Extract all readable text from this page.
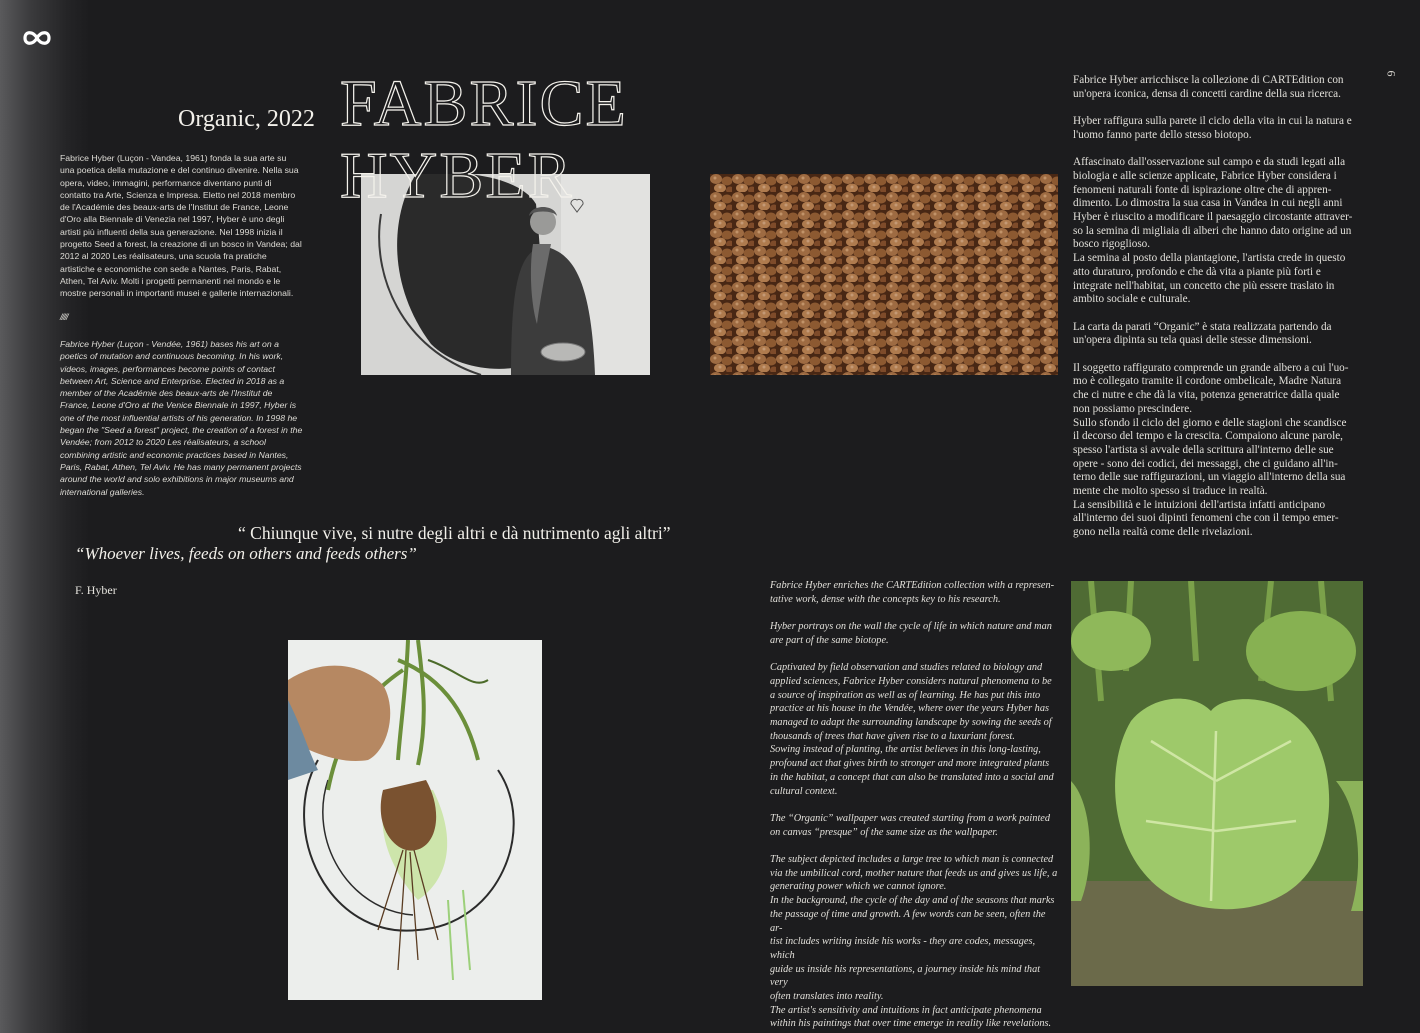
6
Organic, 2022 FABRICE
HYBER

Fabrice Hyber (Luçon - Vandea, 1961) fonda la sua arte su una poetica della mutazione e del continuo divenire. Nella sua opera, video, immagini, performance diventano punti di contatto tra Arte, Scienza e Impresa. Eletto nel 2018 membro de l'Académie des beaux-arts de l'Institut de France, Leone d'Oro alla Biennale di Venezia nel 1997, Hyber è uno degli artisti più influenti della sua generazione. Nel 1998 inizia il progetto Seed a forest, la creazione di un bosco in Vandea; dal 2012 al 2020 Les réalisateurs, una scuola fra pratiche artistiche e economiche con sede a Nantes, Paris, Rabat, Athen, Tel Aviv. Molti i progetti permanenti nel mondo e le mostre personali in importanti musei e gallerie internazionali.

/////

Fabrice Hyber (Luçon - Vendée, 1961) bases his art on a poetics of mutation and continuous becoming. In his work, videos, images, performances become points of contact between Art, Science and Enterprise. Elected in 2018 as a member of the Académie des beaux-arts de l'Institut de France, Leone d'Oro at the Venice Biennale in 1997, Hyber is one of the most influential artists of his generation. In 1998 he began the "Seed a forest" project, the creation of a forest in the Vendée; from 2012 to 2020 Les réalisateurs, a school combining artistic and economic practices based in Nantes, Paris, Rabat, Athen, Tel Aviv. He has many permanent projects around the world and solo exhibitions in major museums and international galleries.

“ Chiunque vive, si nutre degli altri e dà nutrimento agli altri”
“Whoever lives, feeds on others and feeds others”
F. Hyber

Fabrice Hyber arricchisce la collezione di CARTEdition con
un'opera iconica, densa di concetti cardine della sua ricerca.

Hyber raffigura sulla parete il ciclo della vita in cui la natura e
l'uomo fanno parte dello stesso biotopo.

Affascinato dall'osservazione sul campo e da studi legati alla
biologia e alle scienze applicate, Fabrice Hyber considera i
fenomeni naturali fonte di ispirazione oltre che di appren-
dimento. Lo dimostra la sua casa in Vandea in cui negli anni
Hyber è riuscito a modificare il paesaggio circostante attraver-
so la semina di migliaia di alberi che hanno dato origine ad un
bosco rigoglioso.

La semina al posto della piantagione, l'artista crede in questo
atto duraturo, profondo e che dà vita a piante più forti e
integrate nell'habitat, un concetto che più essere traslato in
ambito sociale e culturale.

La carta da parati “Organic” è stata realizzata partendo da
un'opera dipinta su tela quasi delle stesse dimensioni.

Il soggetto raffigurato comprende un grande albero a cui l'uo-
mo è collegato tramite il cordone ombelicale, Madre Natura
che ci nutre e che dà la vita, potenza generatrice dalla quale
non possiamo prescindere.

Sullo sfondo il ciclo del giorno e delle stagioni che scandisce
il decorso del tempo e la crescita. Compaiono alcune parole,
spesso l'artista si avvale della scrittura all'interno delle sue
opere - sono dei codici, dei messaggi, che ci guidano all'in-
terno delle sue raffigurazioni, un viaggio all'interno della sua
mente che molto spesso si traduce in realtà.

La sensibilità e le intuizioni dell'artista infatti anticipano
all'interno dei suoi dipinti fenomeni che con il tempo emer-
gono nella realtà come delle rivelazioni.

Fabrice Hyber enriches the CARTEdition collection with a represen-
tative work, dense with the concepts key to his research.

Hyber portrays on the wall the cycle of life in which nature and man
are part of the same biotope.

Captivated by field observation and studies related to biology and
applied sciences, Fabrice Hyber considers natural phenomena to be
a source of inspiration as well as of learning. He has put this into
practice at his house in the Vendée, where over the years Hyber has
managed to adapt the surrounding landscape by sowing the seeds of
thousands of trees that have given rise to a luxuriant forest.

Sowing instead of planting, the artist believes in this long-lasting,
profound act that gives birth to stronger and more integrated plants
in the habitat, a concept that can also be translated into a social and
cultural context.

The “Organic” wallpaper was created starting from a work painted
on canvas “presque” of the same size as the wallpaper.

The subject depicted includes a large tree to which man is connected
via the umbilical cord, mother nature that feeds us and gives us life, a
generating power which we cannot ignore.

In the background, the cycle of the day and of the seasons that marks
the passage of time and growth. A few words can be seen, often the ar-
tist includes writing inside his works - they are codes, messages, which
guide us inside his representations, a journey inside his mind that very
often translates into reality.

The artist's sensitivity and intuitions in fact anticipate phenomena
within his paintings that over time emerge in reality like revelations.
